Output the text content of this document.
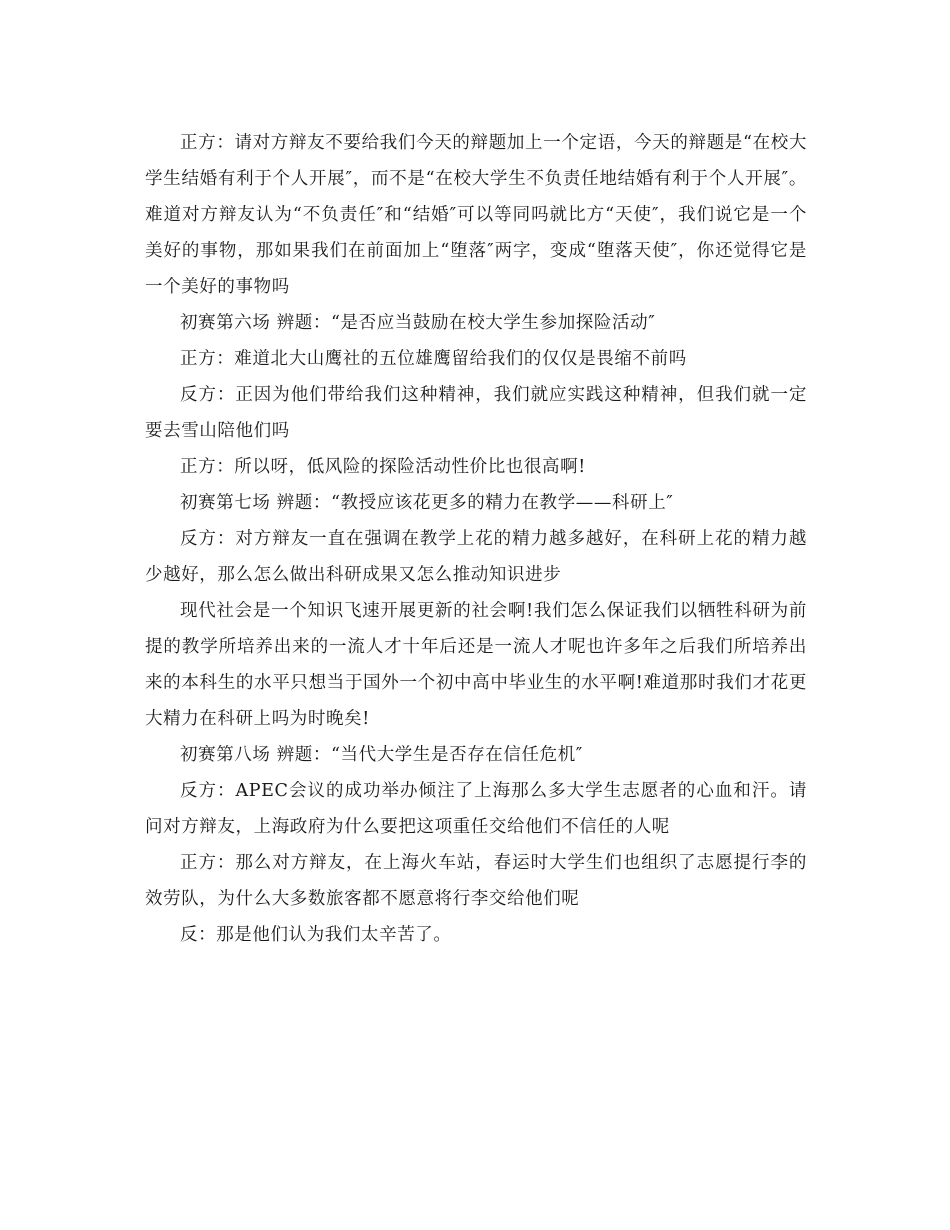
正方：请对方辩友不要给我们今天的辩题加上一个定语，今天的辩题是“在校大学生结婚有利于个人开展″，而不是“在校大学生不负责任地结婚有利于个人开展″。难道对方辩友认为“不负责任″和“结婚″可以等同吗就比方“天使″，我们说它是一个美好的事物，那如果我们在前面加上“堕落″两字，变成“堕落天使″，你还觉得它是一个美好的事物吗

初赛第六场 辨题：“是否应当鼓励在校大学生参加探险活动″

正方：难道北大山鹰社的五位雄鹰留给我们的仅仅是畏缩不前吗

反方：正因为他们带给我们这种精神，我们就应实践这种精神，但我们就一定要去雪山陪他们吗

正方：所以呀，低风险的探险活动性价比也很高啊!

初赛第七场 辨题：“教授应该花更多的精力在教学——科研上″

反方：对方辩友一直在强调在教学上花的精力越多越好，在科研上花的精力越少越好，那么怎么做出科研成果又怎么推动知识进步

现代社会是一个知识飞速开展更新的社会啊!我们怎么保证我们以牺牲科研为前提的教学所培养出来的一流人才十年后还是一流人才呢也许多年之后我们所培养出来的本科生的水平只想当于国外一个初中高中毕业生的水平啊!难道那时我们才花更大精力在科研上吗为时晚矣!

初赛第八场 辨题：“当代大学生是否存在信任危机″

反方：APEC会议的成功举办倾注了上海那么多大学生志愿者的心血和汗。请问对方辩友，上海政府为什么要把这项重任交给他们不信任的人呢

正方：那么对方辩友，在上海火车站，春运时大学生们也组织了志愿提行李的效劳队，为什么大多数旅客都不愿意将行李交给他们呢

反：那是他们认为我们太辛苦了。
